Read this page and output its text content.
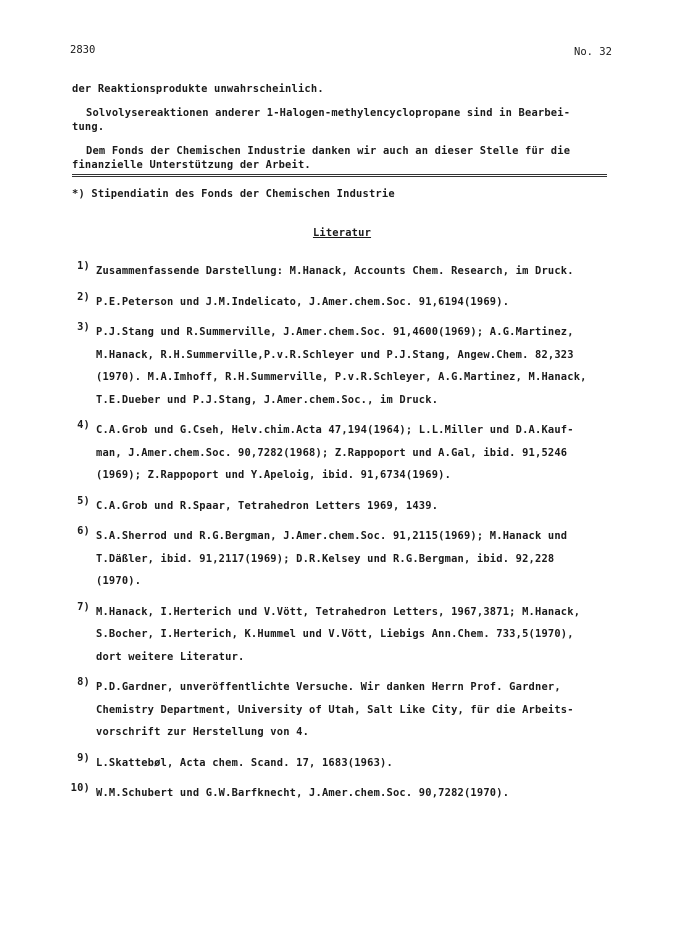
2830	No. 32
der Reaktionsprodukte unwahrscheinlich.
Solvolysereaktionen anderer 1-Halogen-methylencyclopropane sind in Bearbei-
tung.
Dem Fonds der Chemischen Industrie danken wir auch an dieser Stelle für die
finanzielle Unterstützung der Arbeit.
*) Stipendiatin des Fonds der Chemischen Industrie
Literatur
1) Zusammenfassende Darstellung: M.Hanack, Accounts Chem. Research, im Druck.
2) P.E.Peterson und J.M.Indelicato, J.Amer.chem.Soc. 91,6194(1969).
3) P.J.Stang und R.Summerville, J.Amer.chem.Soc. 91,4600(1969); A.G.Martinez,
M.Hanack, R.H.Summerville,P.v.R.Schleyer und P.J.Stang, Angew.Chem. 82,323
(1970). M.A.Imhoff, R.H.Summerville, P.v.R.Schleyer, A.G.Martinez, M.Hanack,
T.E.Dueber und P.J.Stang, J.Amer.chem.Soc., im Druck.
4) C.A.Grob und G.Cseh, Helv.chim.Acta 47,194(1964); L.L.Miller und D.A.Kauf-
man, J.Amer.chem.Soc. 90,7282(1968); Z.Rappoport und A.Gal, ibid. 91,5246
(1969); Z.Rappoport und Y.Apeloig, ibid. 91,6734(1969).
5) C.A.Grob und R.Spaar, Tetrahedron Letters 1969, 1439.
6) S.A.Sherrod und R.G.Bergman, J.Amer.chem.Soc. 91,2115(1969); M.Hanack und
T.Däßler, ibid. 91,2117(1969); D.R.Kelsey und R.G.Bergman, ibid. 92,228
(1970).
7) M.Hanack, I.Herterich und V.Vött, Tetrahedron Letters, 1967,3871; M.Hanack,
S.Bocher, I.Herterich, K.Hummel und V.Vött, Liebigs Ann.Chem. 733,5(1970),
dort weitere Literatur.
8) P.D.Gardner, unveröffentlichte Versuche. Wir danken Herrn Prof. Gardner,
Chemistry Department, University of Utah, Salt Like City, für die Arbeits-
vorschrift zur Herstellung von 4.
9) L.Skattebøl, Acta chem. Scand. 17, 1683(1963).
10) W.M.Schubert und G.W.Barfknecht, J.Amer.chem.Soc. 90,7282(1970).
